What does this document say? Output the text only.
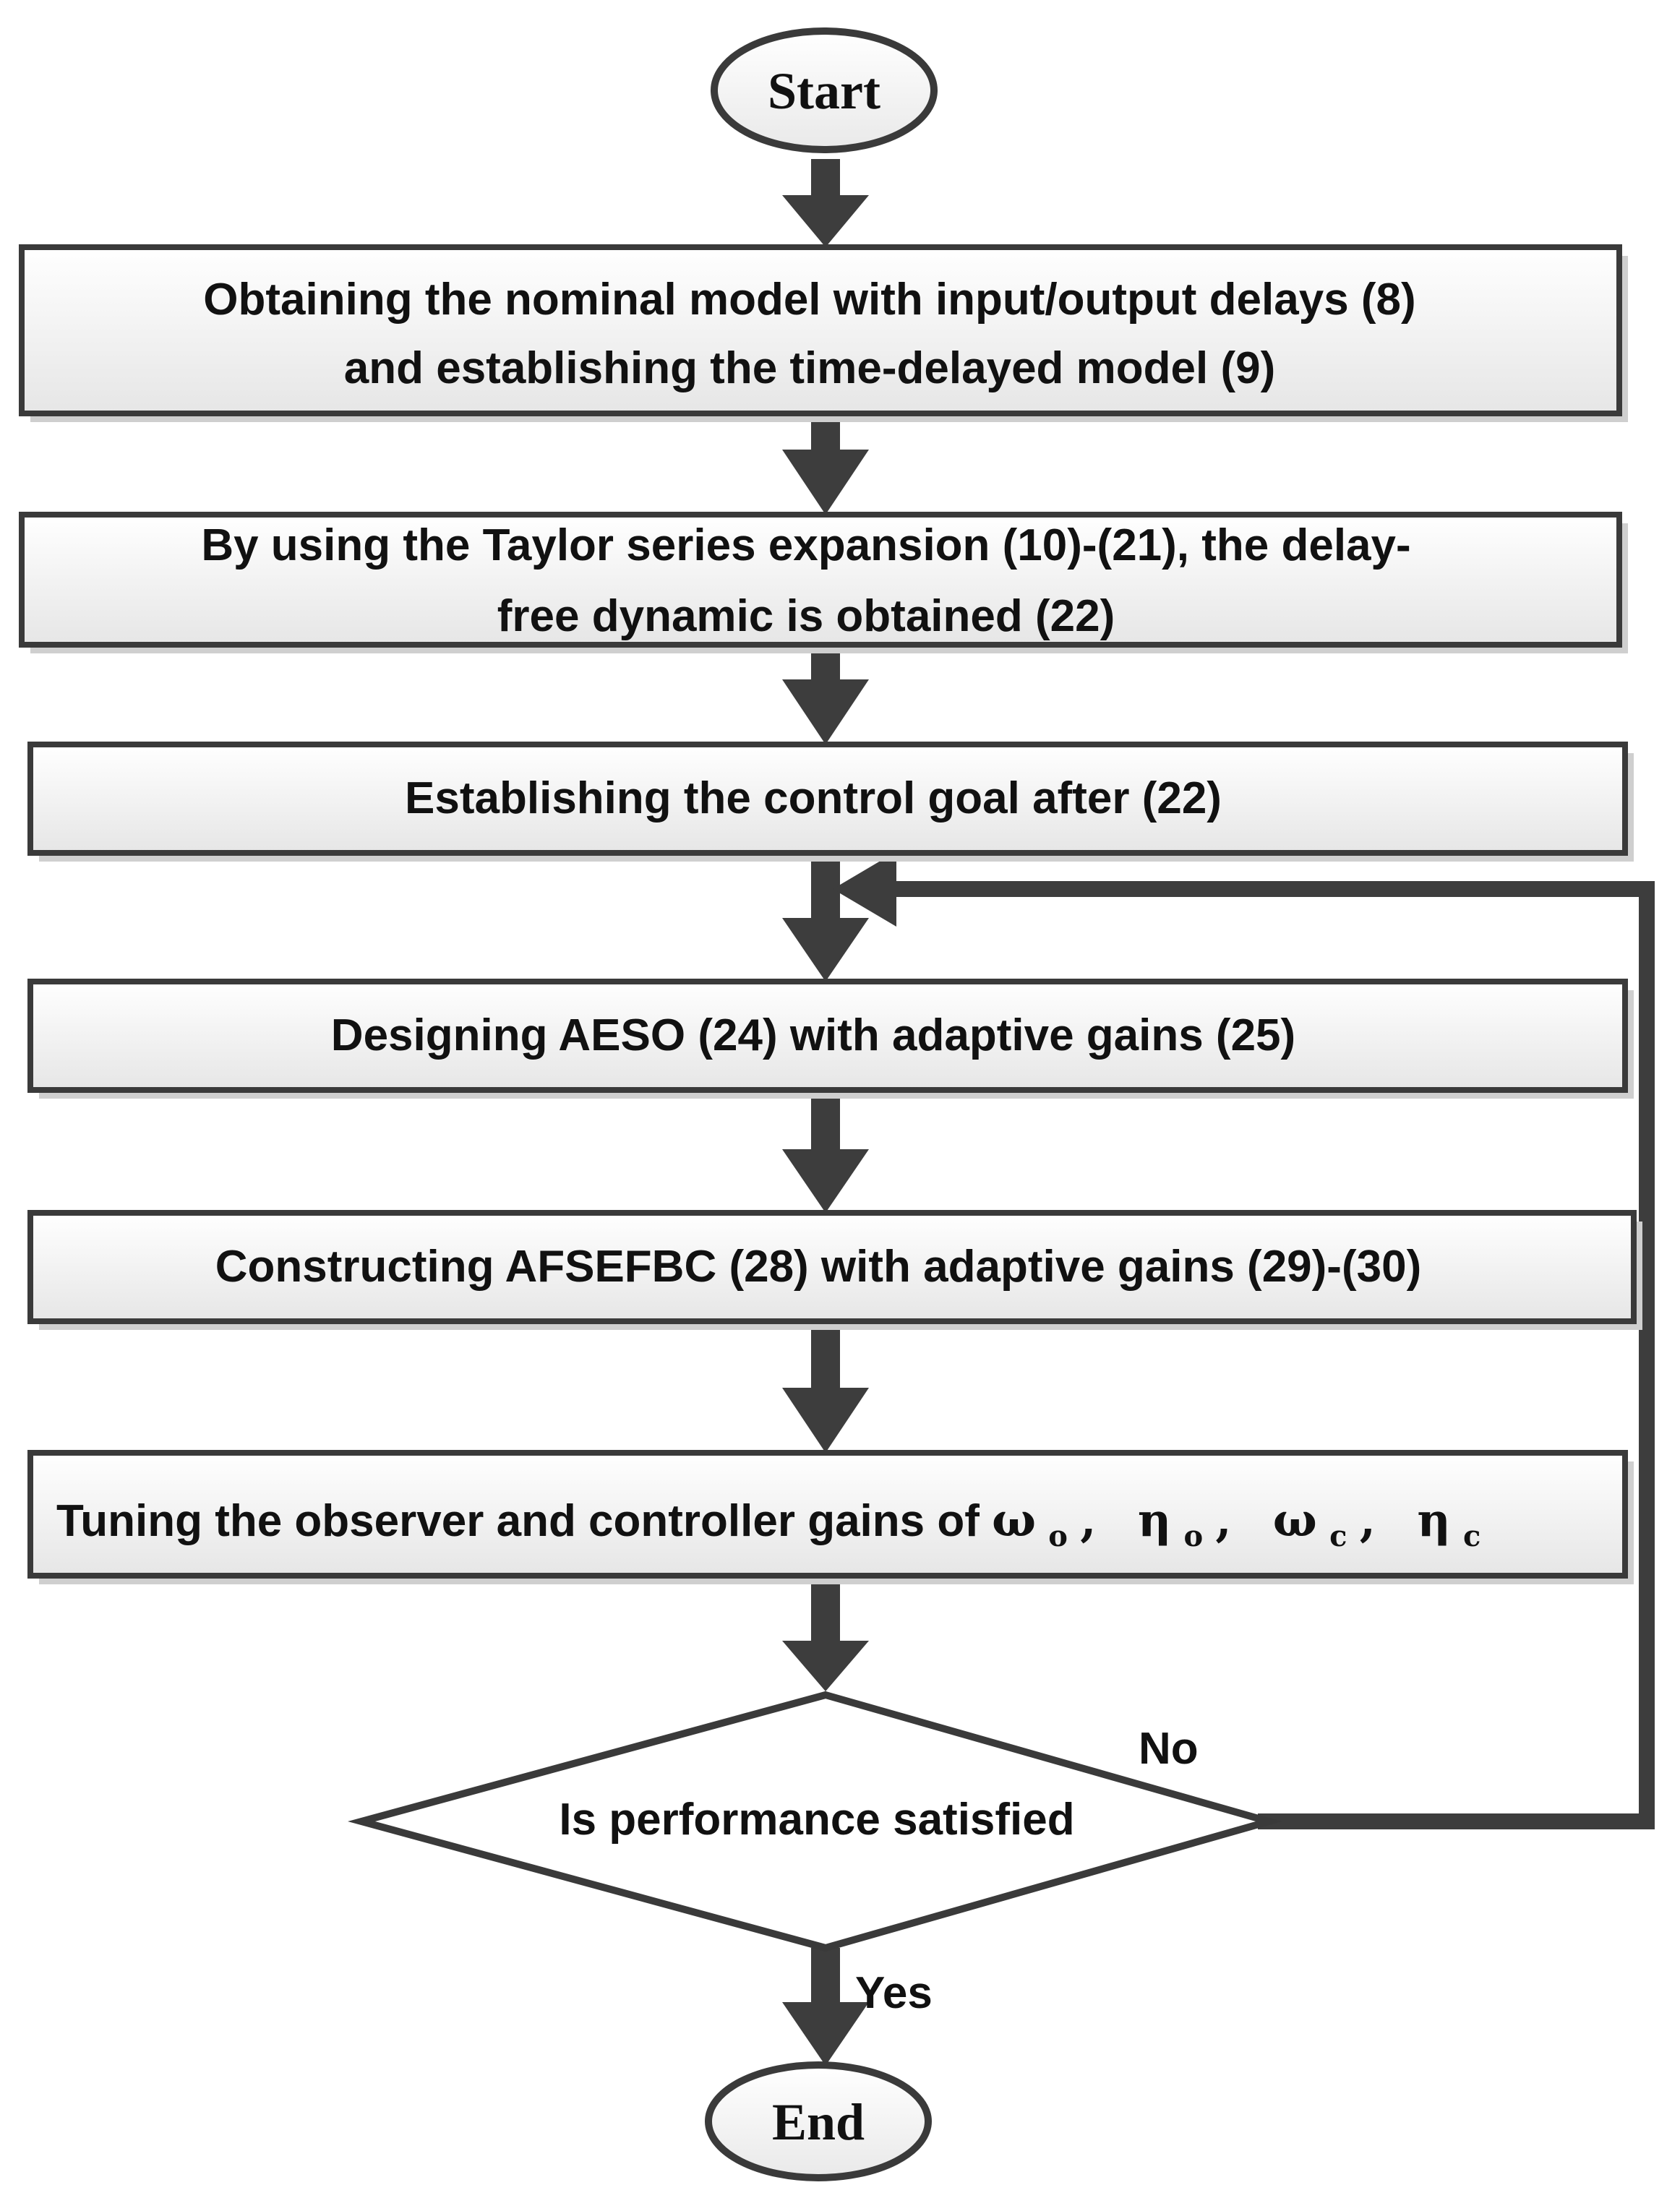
Start
Obtaining the nominal model with input/output delays (8)
and establishing the time-delayed model (9)
By using the Taylor series expansion (10)-(21), the delay-
free dynamic is obtained (22)
Establishing the control goal after (22)
Designing AESO (24) with adaptive gains (25)
Constructing AFSEFBC (28) with adaptive gains (29)-(30)
Tuning the observer and controller gains of ω $_o$ , η $_o$ , ω $_c$ , η $_c$
Is performance satisfied
No
Yes
End
